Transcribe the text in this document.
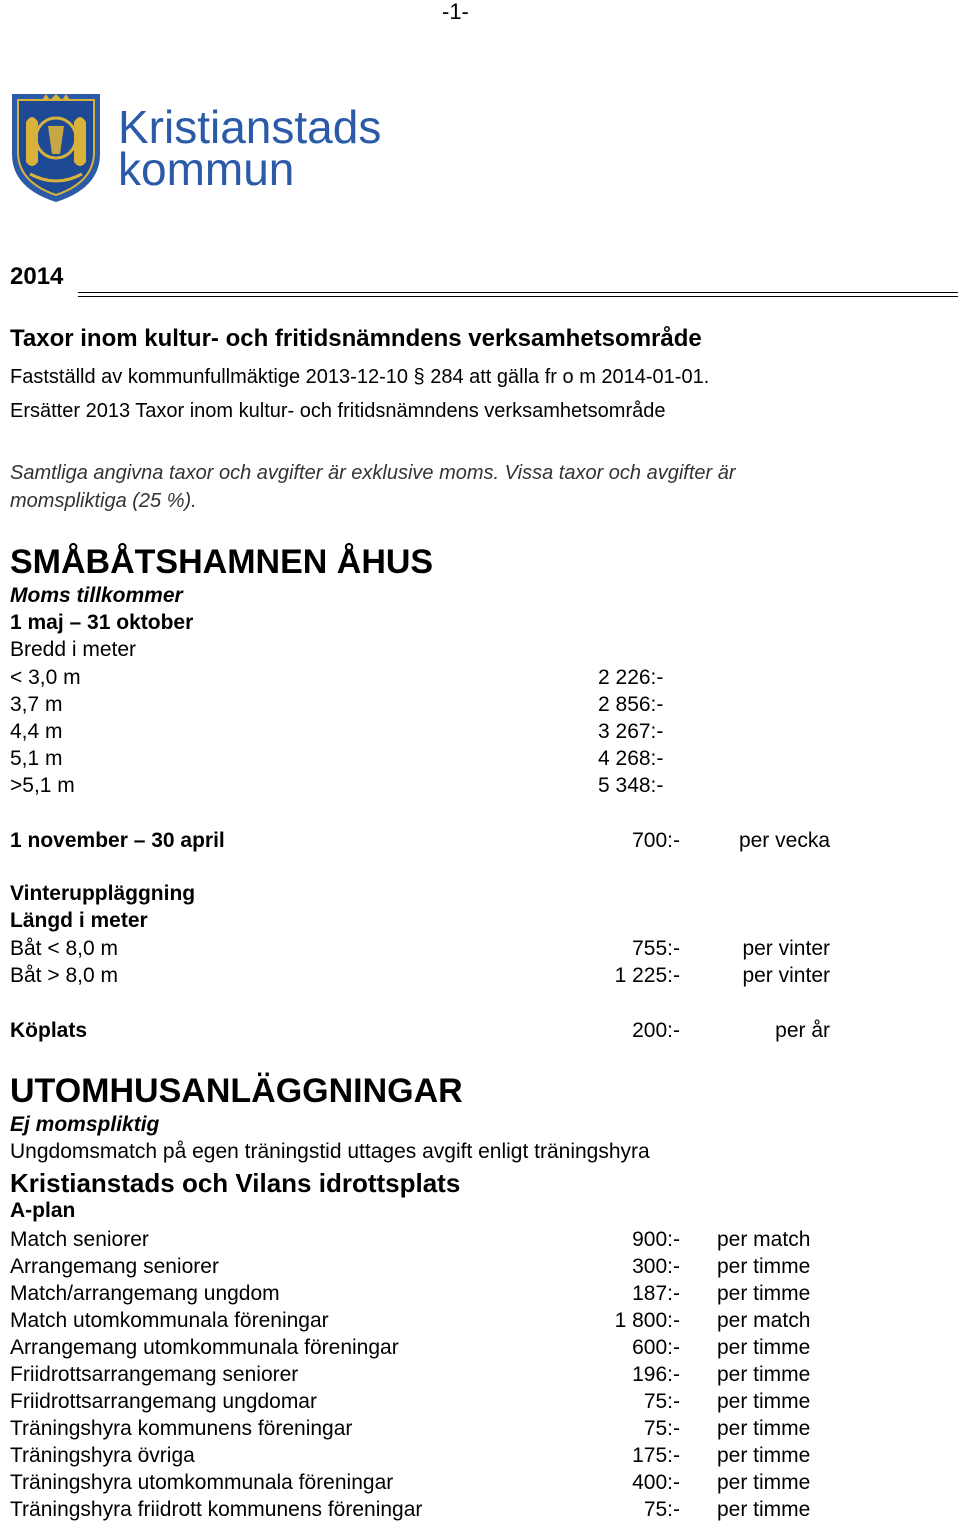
-1-
Kristianstads
kommun
2014
Taxor inom kultur- och fritidsnämndens verksamhetsområde
Fastställd av kommunfullmäktige 2013-12-10 § 284 att gälla fr o m 2014-01-01.
Ersätter 2013 Taxor inom kultur- och fritidsnämndens verksamhetsområde
Samtliga angivna taxor och avgifter är exklusive moms. Vissa taxor och avgifter är
momspliktiga (25 %).
SMÅBÅTSHAMNEN ÅHUS
Moms tillkommer
1 maj – 31 oktober
Bredd i meter
< 3,0 m	2 226:-
3,7 m	2 856:-
4,4 m	3 267:-
5,1 m	4 268:-
>5,1 m	5 348:-
1 november – 30 april	700:-	per vecka
Vinteruppläggning
Längd i meter
Båt < 8,0 m	755:-	per vinter
Båt > 8,0 m	1 225:-	per vinter
Köplats	200:-	per år
UTOMHUSANLÄGGNINGAR
Ej momspliktig
Ungdomsmatch på egen träningstid uttages avgift enligt träningshyra
Kristianstads och Vilans idrottsplats
A-plan
Match seniorer	900:- per match
Arrangemang seniorer	300:- per timme
Match/arrangemang ungdom	187:- per timme
Match utomkommunala föreningar	1 800:- per match
Arrangemang utomkommunala föreningar	600:- per timme
Friidrottsarrangemang seniorer	196:- per timme
Friidrottsarrangemang ungdomar	75:- per timme
Träningshyra kommunens föreningar	75:- per timme
Träningshyra övriga	175:- per timme
Träningshyra utomkommunala föreningar	400:- per timme
Träningshyra friidrott kommunens föreningar	75:- per timme
